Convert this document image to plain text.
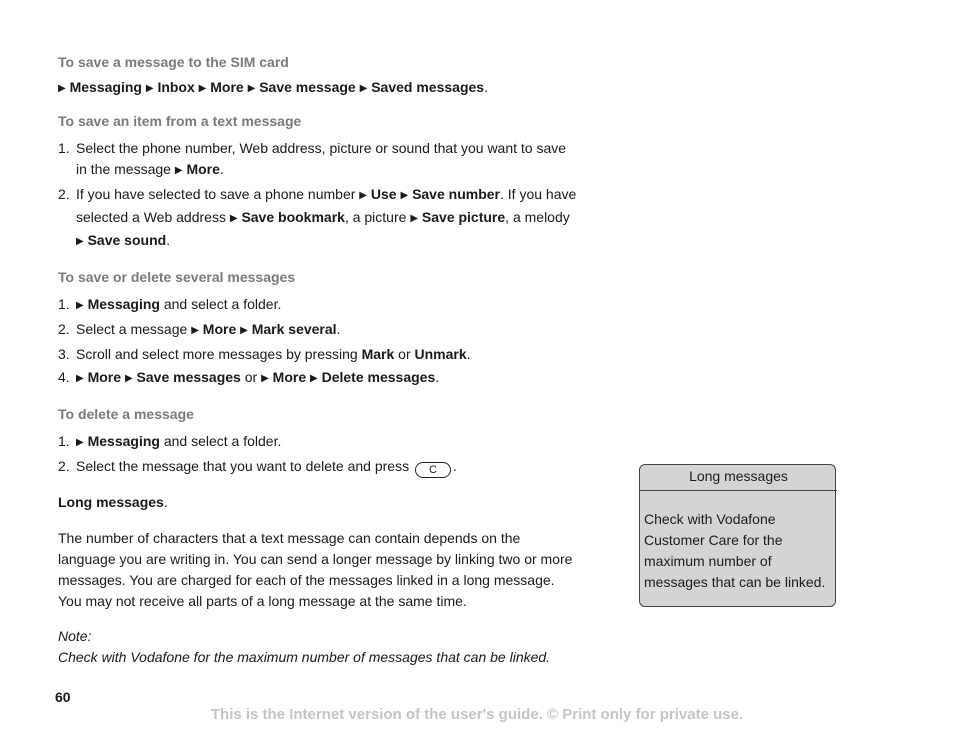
To save a message to the SIM card
▶ Messaging ▶ Inbox ▶ More ▶ Save message ▶ Saved messages.
To save an item from a text message
1. Select the phone number, Web address, picture or sound that you want to save in the message ▶ More.
2. If you have selected to save a phone number ▶ Use ▶ Save number. If you have selected a Web address ▶ Save bookmark, a picture ▶ Save picture, a melody
▶ Save sound.
To save or delete several messages
1. ▶ Messaging and select a folder.
2. Select a message ▶ More ▶ Mark several.
3. Scroll and select more messages by pressing Mark or Unmark.
4. ▶ More ▶ Save messages or ▶ More ▶ Delete messages.
To delete a message
1. ▶ Messaging and select a folder.
2. Select the message that you want to delete and press C .
Long messages.

The number of characters that a text message can contain depends on the language you are writing in. You can send a longer message by linking two or more messages. You are charged for each of the messages linked in a long message. You may not receive all parts of a long message at the same time.

Note:

Check with Vodafone for the maximum number of messages that can be linked.

Long messages
Check with Vodafone Customer Care for the maximum number of messages that can be linked.
60
This is the Internet version of the user's guide. © Print only for private use.
